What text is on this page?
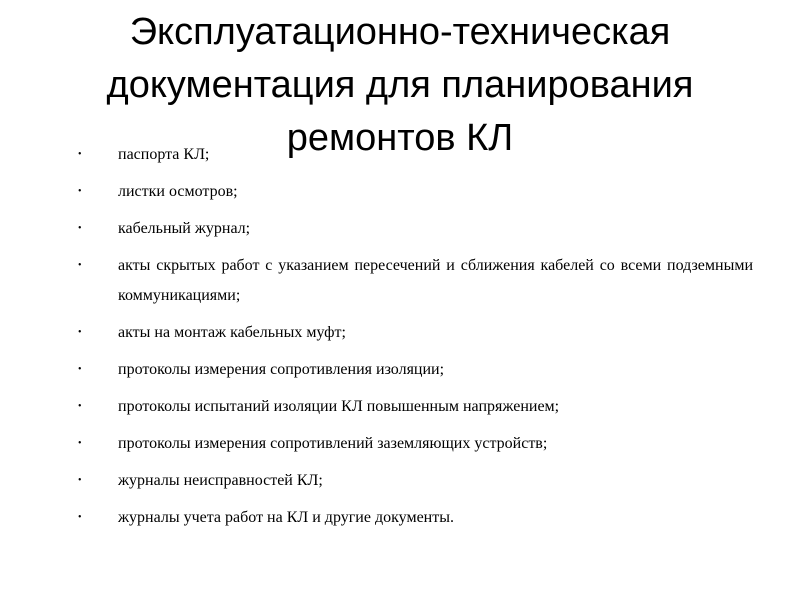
Эксплуатационно-техническая
документация для планирования
ремонтов КЛ
•	паспорта КЛ;
•	листки осмотров;
•	кабельный журнал;
•	акты скрытых работ с указанием пересечений и сближения кабелей со всеми подземными коммуникациями;
•	акты на монтаж кабельных муфт;
•	протоколы измерения сопротивления изоляции;
•	протоколы испытаний изоляции КЛ повышенным напряжением;
•	протоколы измерения сопротивлений заземляющих устройств;
•	журналы неисправностей КЛ;
•	журналы учета работ на КЛ и другие документы.
